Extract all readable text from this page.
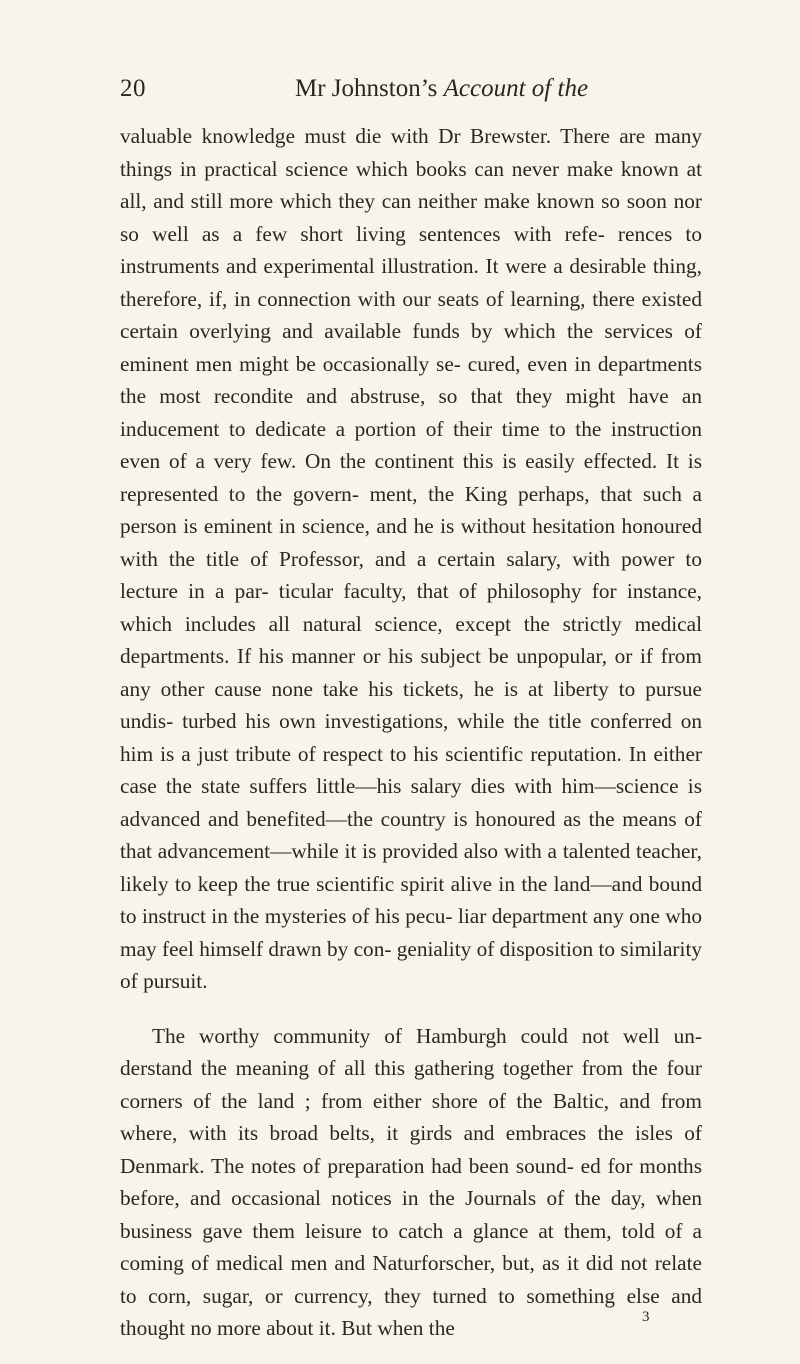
20	Mr Johnston’s Account of the

valuable knowledge must die with Dr Brewster. There are many things in practical science which books can never make known at all, and still more which they can neither make known so soon nor so well as a few short living sentences with refe- rences to instruments and experimental illustration. It were a desirable thing, therefore, if, in connection with our seats of learning, there existed certain overlying and available funds by which the services of eminent men might be occasionally se- cured, even in departments the most recondite and abstruse, so that they might have an inducement to dedicate a portion of their time to the instruction even of a very few. On the continent this is easily effected. It is represented to the govern- ment, the King perhaps, that such a person is eminent in science, and he is without hesitation honoured with the title of Professor, and a certain salary, with power to lecture in a par- ticular faculty, that of philosophy for instance, which includes all natural science, except the strictly medical departments. If his manner or his subject be unpopular, or if from any other cause none take his tickets, he is at liberty to pursue undis- turbed his own investigations, while the title conferred on him is a just tribute of respect to his scientific reputation. In either case the state suffers little—his salary dies with him—science is advanced and benefited—the country is honoured as the means of that advancement—while it is provided also with a talented teacher, likely to keep the true scientific spirit alive in the land—and bound to instruct in the mysteries of his pecu- liar department any one who may feel himself drawn by con- geniality of disposition to similarity of pursuit.

The worthy community of Hamburgh could not well un- derstand the meaning of all this gathering together from the four corners of the land ; from either shore of the Baltic, and from where, with its broad belts, it girds and embraces the isles of Denmark. The notes of preparation had been sound- ed for months before, and occasional notices in the Journals of the day, when business gave them leisure to catch a glance at them, told of a coming of medical men and Naturforscher, but, as it did not relate to corn, sugar, or currency, they turned to something else and thought no more about it. But when the	3
